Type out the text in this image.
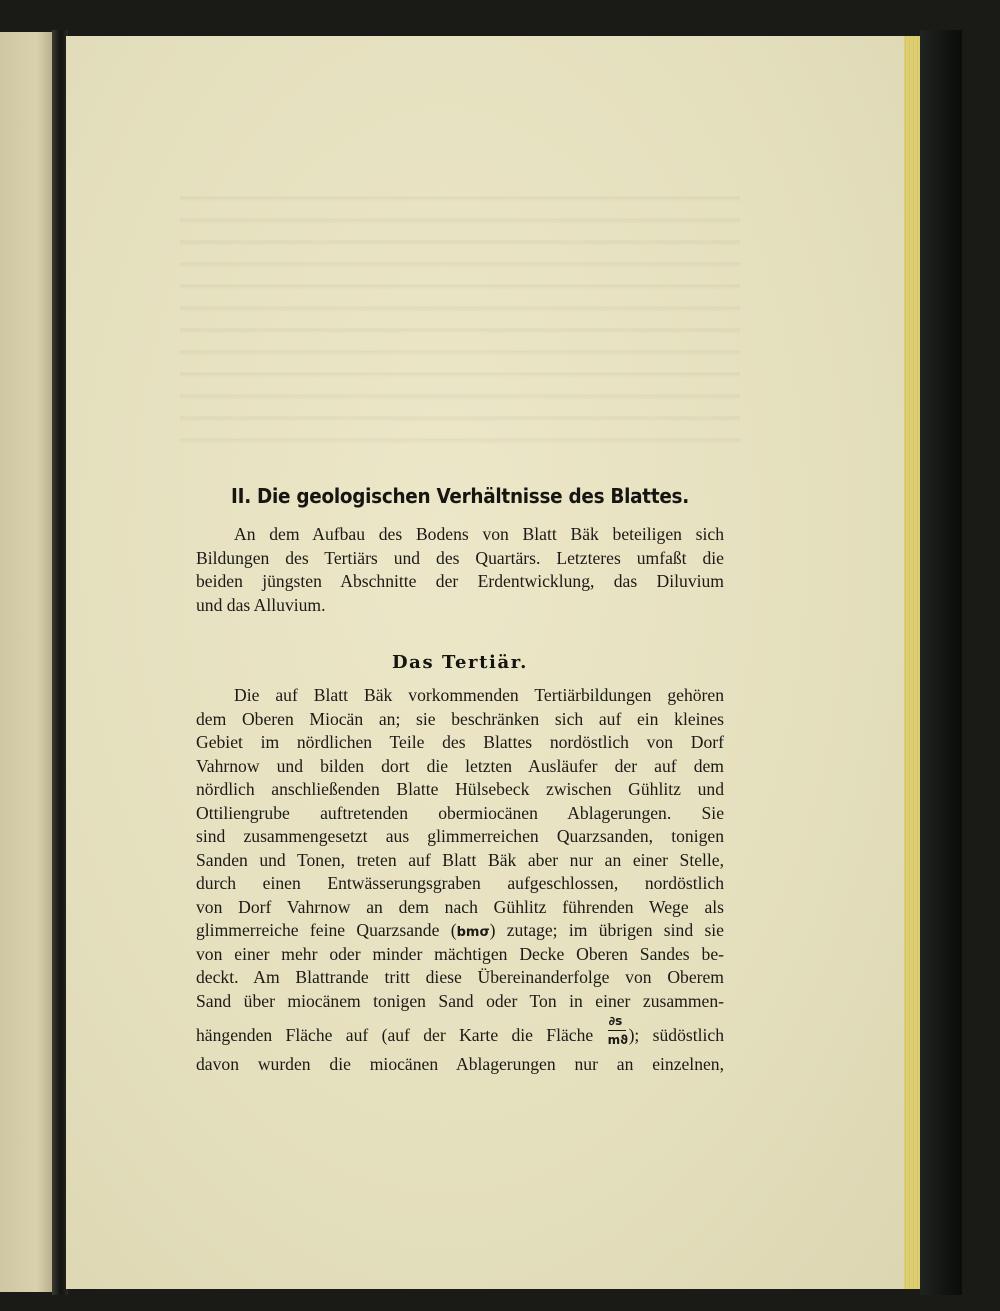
II. Die geologischen Verhältnisse des Blattes.
An dem Aufbau des Bodens von Blatt Bäk beteiligen sich
Bildungen des Tertiärs und des Quartärs. Letzteres umfaßt die
beiden jüngsten Abschnitte der Erdentwicklung, das Diluvium
und das Alluvium.
Das Tertiär.
Die auf Blatt Bäk vorkommenden Tertiärbildungen gehören
dem Oberen Miocän an; sie beschränken sich auf ein kleines
Gebiet im nördlichen Teile des Blattes nordöstlich von Dorf
Vahrnow und bilden dort die letzten Ausläufer der auf dem
nördlich anschließenden Blatte Hülsebeck zwischen Gühlitz und
Ottiliengrube auftretenden obermiocänen Ablagerungen. Sie
sind zusammengesetzt aus glimmerreichen Quarzsanden, tonigen
Sanden und Tonen, treten auf Blatt Bäk aber nur an einer Stelle,
durch einen Entwässerungsgraben aufgeschlossen, nordöstlich
von Dorf Vahrnow an dem nach Gühlitz führenden Wege als
glimmerreiche feine Quarzsande (bmσ) zutage; im übrigen sind sie
von einer mehr oder minder mächtigen Decke Oberen Sandes be-
deckt. Am Blattrande tritt diese Übereinanderfolge von Oberem
Sand über miocänem tonigen Sand oder Ton in einer zusammen-
hängenden Fläche auf (auf der Karte die Fläche $\frac{\partial s}{mϑ}$ ); südöstlich
davon wurden die miocänen Ablagerungen nur an einzelnen,
